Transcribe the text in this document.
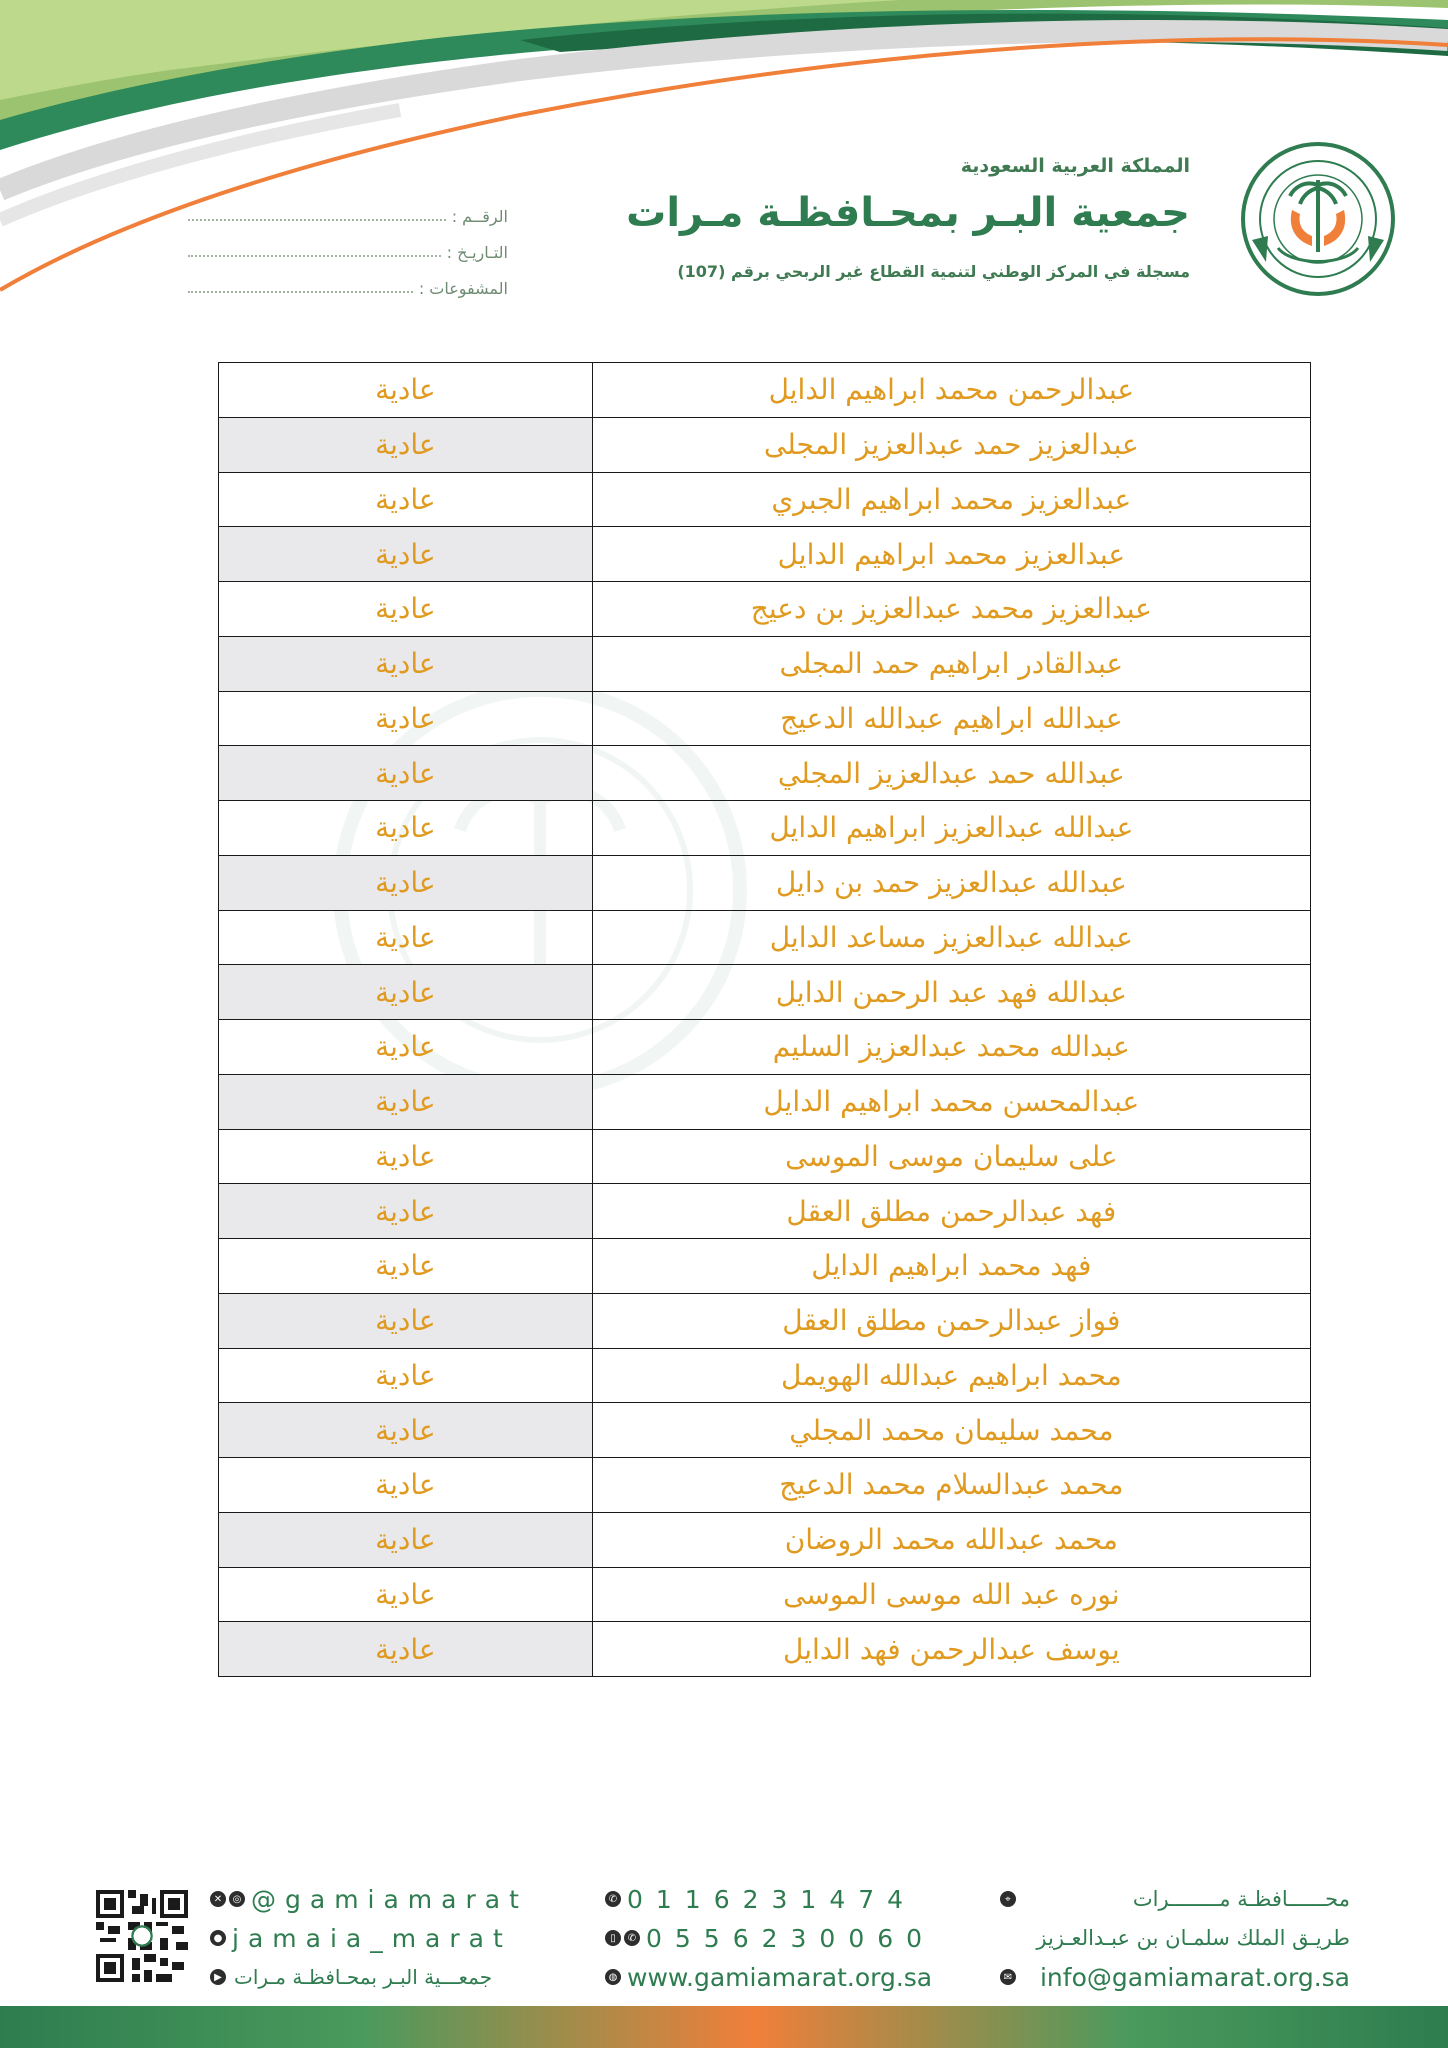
المملكة العربية السعودية
جمعية البـر بمحـافظـة مـرات
مسجلة في المركز الوطني لتنمية القطاع غير الربحي برقم (107)
الرقــم :
التـاريـخ :
المشفوعات :
عبدالرحمن محمد ابراهيم الدايل	عادية
عبدالعزيز حمد عبدالعزيز المجلى	عادية
عبدالعزيز محمد ابراهيم الجبري	عادية
عبدالعزيز محمد ابراهيم الدايل	عادية
عبدالعزيز محمد عبدالعزيز بن دعيج	عادية
عبدالقادر ابراهيم حمد المجلى	عادية
عبدالله ابراهيم عبدالله الدعيج	عادية
عبدالله حمد عبدالعزيز المجلي	عادية
عبدالله عبدالعزيز ابراهيم الدايل	عادية
عبدالله عبدالعزيز حمد بن دايل	عادية
عبدالله عبدالعزيز مساعد الدايل	عادية
عبدالله فهد عبد الرحمن الدايل	عادية
عبدالله محمد عبدالعزيز السليم	عادية
عبدالمحسن محمد ابراهيم الدايل	عادية
على سليمان موسى الموسى	عادية
فهد عبدالرحمن مطلق العقل	عادية
فهد محمد ابراهيم الدايل	عادية
فواز عبدالرحمن مطلق العقل	عادية
محمد ابراهيم عبدالله الهويمل	عادية
محمد سليمان محمد المجلي	عادية
محمد عبدالسلام محمد الدعيج	عادية
محمد عبدالله محمد الروضان	عادية
نوره عبد الله موسى الموسى	عادية
يوسف عبدالرحمن فهد الدايل	عادية
✕	◎ @gamiamarat
● jamaia_marat
▶ جمعـــية البـر بمحـافظـة مـرات
✆ 0116231474
▯	✆ 0556230060
◍ www.gamiamarat.org.sa
⌖	محــــــافظـة مــــــــرات
طريـق الملك سلمـان بن عبـدالعـزيز
✉ info@gamiamarat.org.sa
